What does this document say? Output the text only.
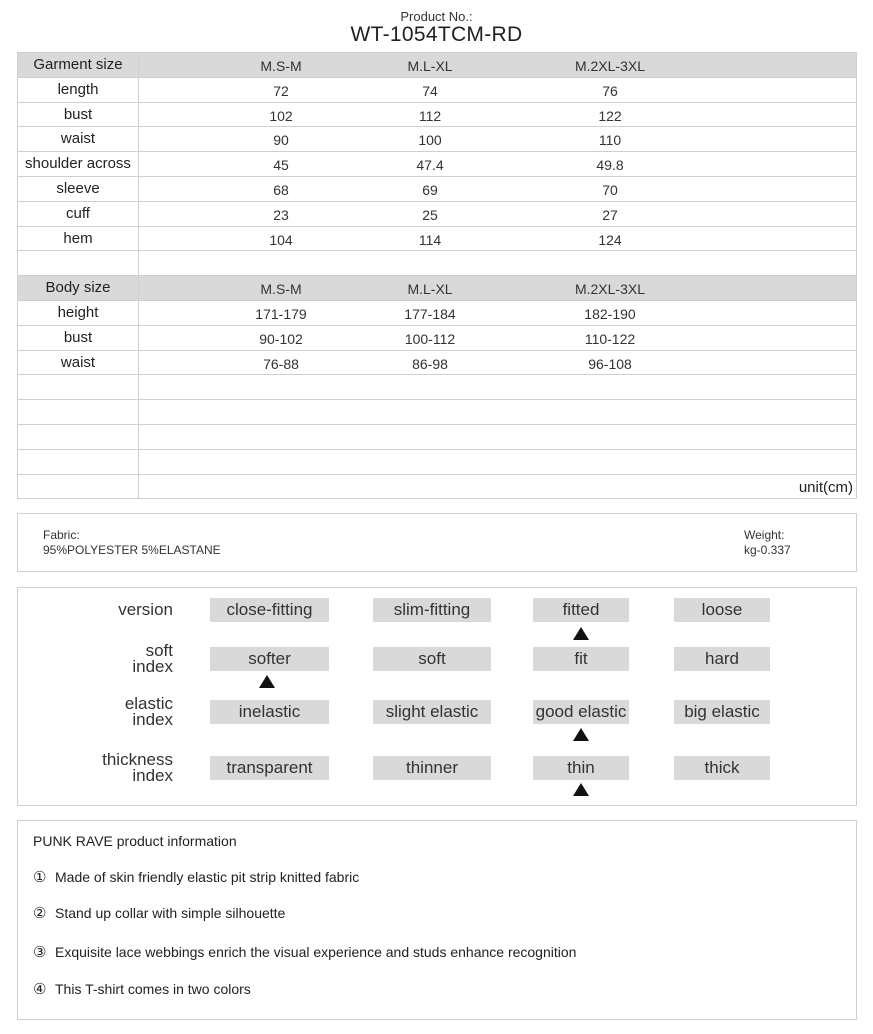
Product No.:
WT-1054TCM-RD
Garment size	M.S-M	M.L-XL	M.2XL-3XL
length	72	74	76
bust	102	112	122
waist	90	100	110
shoulder across	45	47.4	49.8
sleeve	68	69	70
cuff	23	25	27
hem	104	114	124
Body size	M.S-M	M.L-XL	M.2XL-3XL
height	171-179	177-184	182-190
bust	90-102	100-112	110-122
waist	76-88	86-98	96-108
unit(cm)
Fabric:
95%POLYESTER 5%ELASTANE
Weight:
kg-0.337
version	close-fitting	slim-fitting	fitted	loose
soft
index	softer	soft	fit	hard
elastic
index	inelastic	slight elastic	good elastic	big elastic
thickness
index	transparent	thinner	thin	thick
PUNK RAVE product information
① Made of skin friendly elastic pit strip knitted fabric
② Stand up collar with simple silhouette
③ Exquisite lace webbings enrich the visual experience and studs enhance recognition
④ This T-shirt comes in two colors
